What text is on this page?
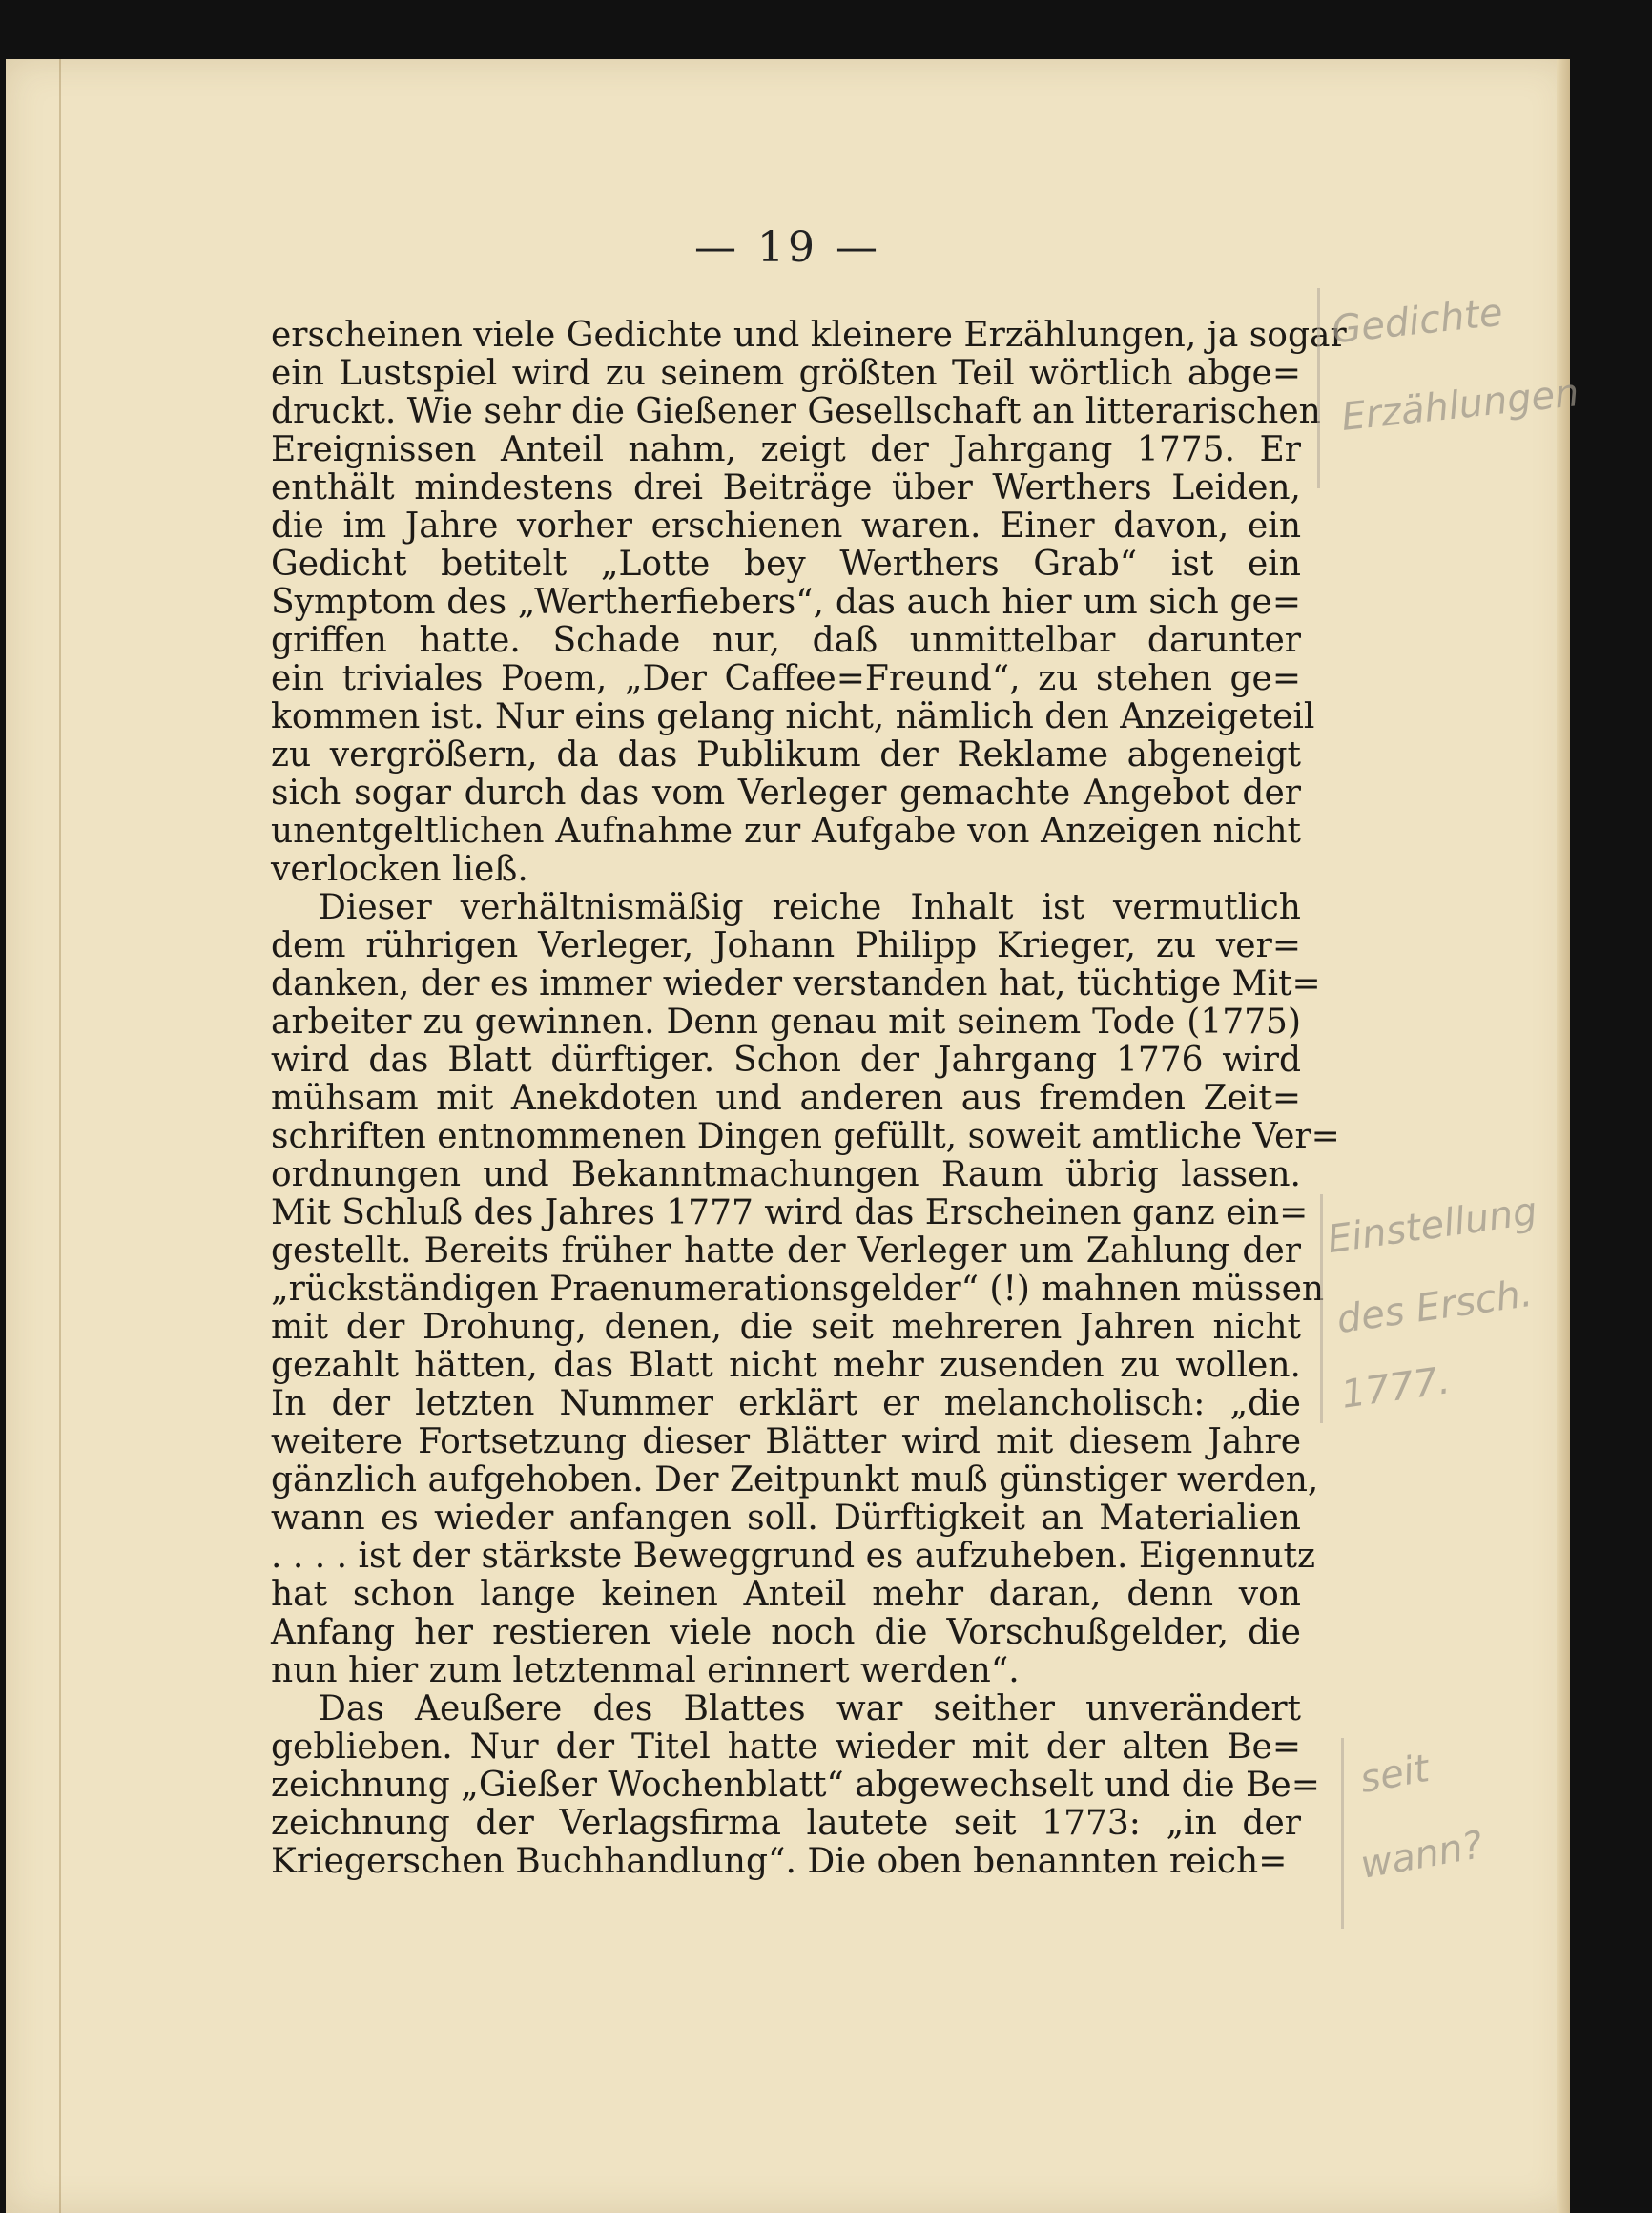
— 19 —
erscheinen viele Gedichte und kleinere Erzählungen, ja sogar
ein Lustspiel wird zu seinem größten Teil wörtlich abge=
druckt. Wie sehr die Gießener Gesellschaft an litterarischen
Ereignissen Anteil nahm, zeigt der Jahrgang 1775. Er
enthält mindestens drei Beiträge über Werthers Leiden,
die im Jahre vorher erschienen waren. Einer davon, ein
Gedicht betitelt „Lotte bey Werthers Grab“ ist ein
Symptom des „Wertherfiebers“, das auch hier um sich ge=
griffen hatte. Schade nur, daß unmittelbar darunter
ein triviales Poem, „Der Caffee=Freund“, zu stehen ge=
kommen ist. Nur eins gelang nicht, nämlich den Anzeigeteil
zu vergrößern, da das Publikum der Reklame abgeneigt
sich sogar durch das vom Verleger gemachte Angebot der
unentgeltlichen Aufnahme zur Aufgabe von Anzeigen nicht
verlocken ließ.
Dieser verhältnismäßig reiche Inhalt ist vermutlich
dem rührigen Verleger, Johann Philipp Krieger, zu ver=
danken, der es immer wieder verstanden hat, tüchtige Mit=
arbeiter zu gewinnen. Denn genau mit seinem Tode (1775)
wird das Blatt dürftiger. Schon der Jahrgang 1776 wird
mühsam mit Anekdoten und anderen aus fremden Zeit=
schriften entnommenen Dingen gefüllt, soweit amtliche Ver=
ordnungen und Bekanntmachungen Raum übrig lassen.
Mit Schluß des Jahres 1777 wird das Erscheinen ganz ein=
gestellt. Bereits früher hatte der Verleger um Zahlung der
„rückständigen Praenumerationsgelder“ (!) mahnen müssen
mit der Drohung, denen, die seit mehreren Jahren nicht
gezahlt hätten, das Blatt nicht mehr zusenden zu wollen.
In der letzten Nummer erklärt er melancholisch: „die
weitere Fortsetzung dieser Blätter wird mit diesem Jahre
gänzlich aufgehoben. Der Zeitpunkt muß günstiger werden,
wann es wieder anfangen soll. Dürftigkeit an Materialien
. . . . ist der stärkste Beweggrund es aufzuheben. Eigennutz
hat schon lange keinen Anteil mehr daran, denn von
Anfang her restieren viele noch die Vorschußgelder, die
nun hier zum letztenmal erinnert werden“.
Das Aeußere des Blattes war seither unverändert
geblieben. Nur der Titel hatte wieder mit der alten Be=
zeichnung „Gießer Wochenblatt“ abgewechselt und die Be=
zeichnung der Verlagsfirma lautete seit 1773: „in der
Kriegerschen Buchhandlung“. Die oben benannten reich=
Gedichte
Erzählungen
Einstellung
des Ersch.
1777.
seit
wann?
